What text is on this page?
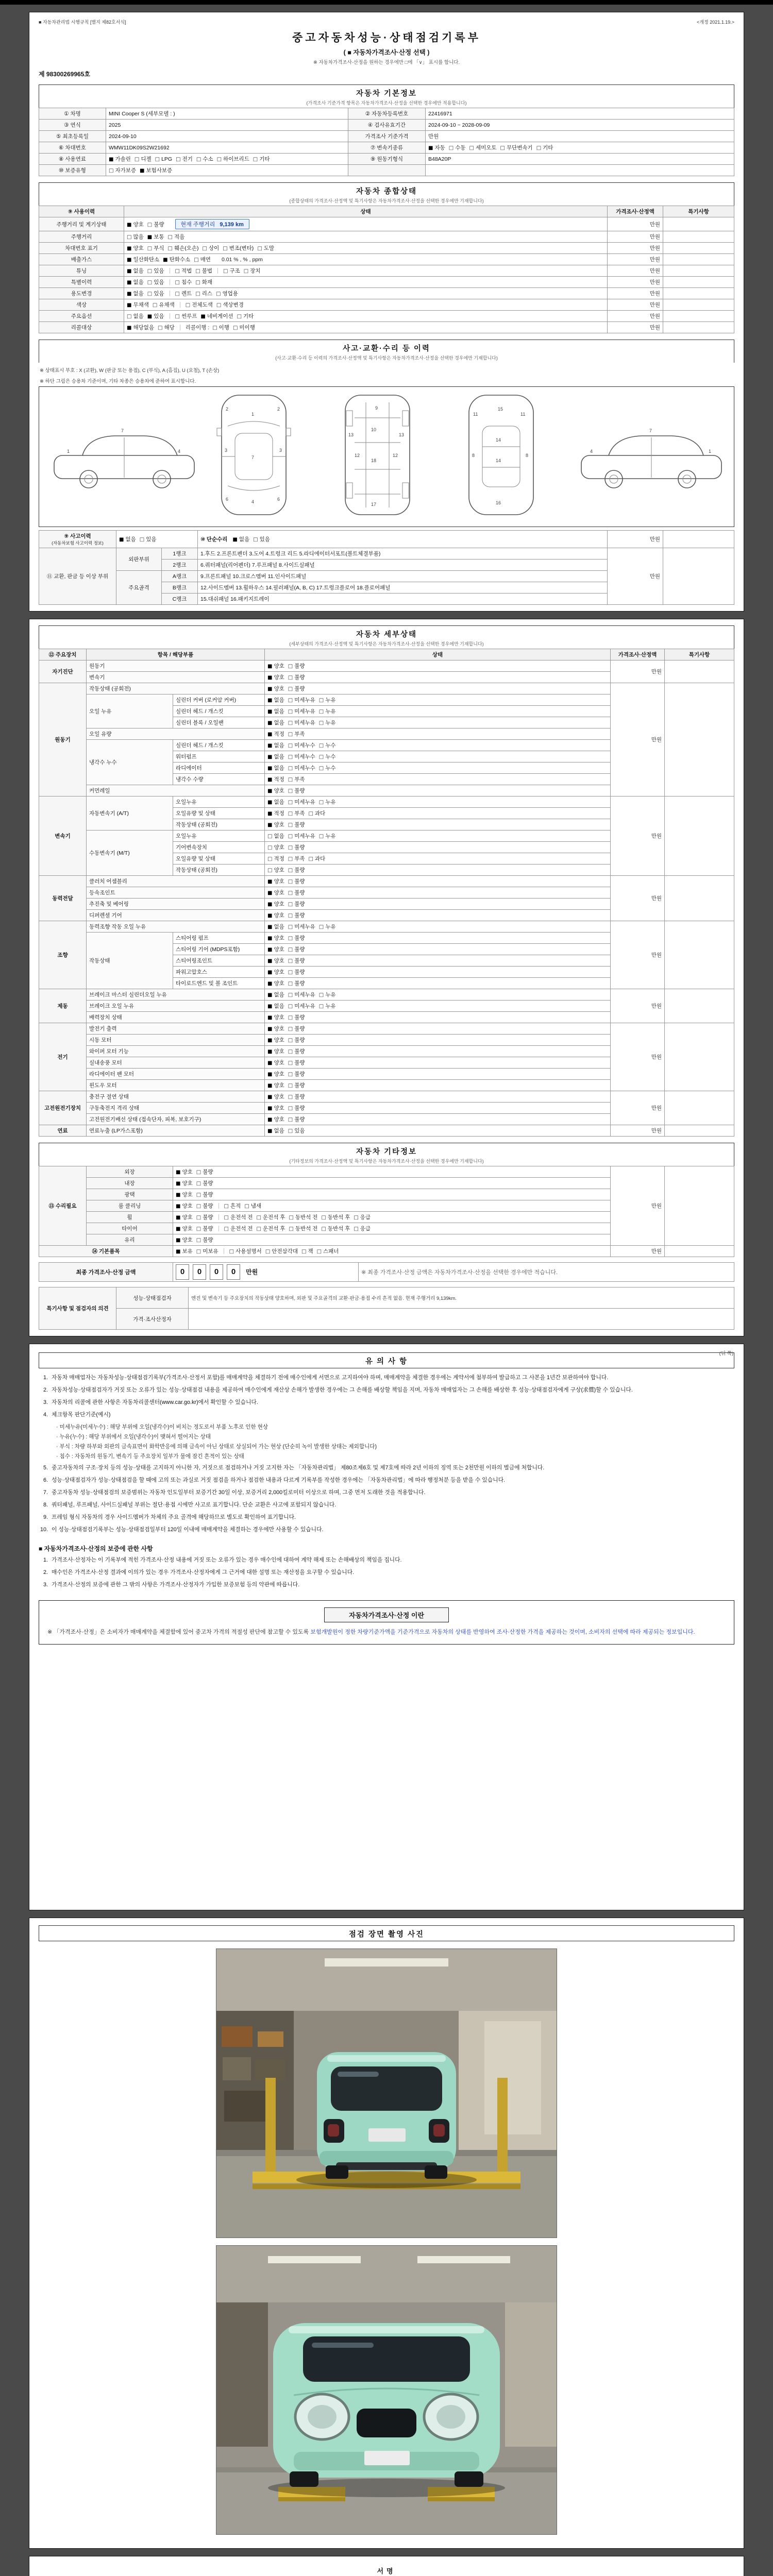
■ 자동차관리법 시행규칙 [별지 제82호서식]	<개정 2021.1.19.>
중고자동차성능·상태점검기록부
( ■ 자동차가격조사·산정 선택 )
※ 자동차가격조사·산정을 원하는 경우에만 □에 「∨」 표시를 합니다.
제 98300269965호
자동차 기본정보
(가격조사 기준가격 항목은 자동차가격조사·산정을 선택한 경우에만 적용합니다)
① 차명	MINI Cooper S (세부모델 : )	② 자동차등록번호	22416971
③ 연식	2025	④ 검사유효기간	2024-09-10 ~ 2028-09-09
⑤ 최초등록일	2024-09-10	가격조사 기준가격	만원
⑥ 차대번호	WMW11DK09S2W21692	⑦ 변속기종류	■ 자동 □ 수동 □ 세미오토 □ 무단변속기 □ 기타
⑧ 사용연료	■ 가솔린 □ 디젤 □ LPG □ 전기 □ 수소 □ 하이브리드 □ 기타	⑨ 원동기형식	B48A20P
⑩ 보증유형	□ 자가보증 ■ 보험사보증		
자동차 종합상태
(종합상태의 가격조사·산정액 및 특기사항은 자동차가격조사·산정을 선택한 경우에만 기재합니다)
⑨ 사용이력	상태	가격조사·산정액	특기사항
주행거리 및 계기상태	■ 양호 □ 불량 현재 주행거리 9,139 km	만원	

주행거리	□ 많음 ■ 보통 □ 적음	만원	

차대번호 표기	■ 양호 □ 부식 □ 훼손(오손) □ 상이 □ 변조(변타) □ 도말	만원	

배출가스	■ 일산화탄소 ■ 탄화수소 □ 매연 0.01 % , % , ppm	만원	

튜닝	■ 없음 □ 있음 □ 적법 □ 불법 □ 구조 □ 장치	만원	

특별이력	■ 없음 □ 있음 □ 침수 □ 화재	만원	

용도변경	■ 없음 □ 있음 □ 렌트 □ 리스 □ 영업용	만원	

색상	■ 무채색 □ 유채색 □ 전체도색 □ 색상변경	만원	

주요옵션	□ 없음 ■ 있음 □ 썬루프 ■ 네비게이션 □ 기타	만원	

리콜대상	■ 해당없음 □ 해당 리콜이행 : □ 이행 □ 미이행	만원	

사고·교환·수리 등 이력
(사고·교환·수리 등 이력의 가격조사·산정액 및 특기사항은 자동차가격조사·산정을 선택한 경우에만 기재합니다)
※ 상태표시 부호 : X (교환), W (판금 또는 용접), C (부식), A (흠집), U (요철), T (손상)
※ 하단 그림은 승용차 기준이며, 기타 차종은 승용차에 준하여 표시합니다.
7
1	4
1
7
4
3	3
2	2
6	6
9
10
12	12
18
13	13
17
15
14
14
8	8
16
11	11
7
1
4
⑨ 사고이력
(자동차보험 사고이력 정보)	■ 없음 □ 있음		⑩ 단순수리 ■ 없음 □ 있음	만원	

⑪ 교환, 판금 등 이상 부위	외판부위	1랭크	1.후드 2.프론트펜더 3.도어 4.트렁크 리드 5.라디에이터서포트(볼트체결부품)	만원	

		2랭크	6.쿼터패널(리어펜더) 7.루프패널 8.사이드실패널		
	주요골격	A랭크	9.프론트패널 10.크로스멤버 11.인사이드패널		
		B랭크	12.사이드멤버 13.휠하우스 14.필러패널(A, B, C) 17.트렁크플로어 18.플로어패널		
		C랭크	15.대쉬패널 16.패키지트레이		
자동차 세부상태
(세부상태의 가격조사·산정액 및 특기사항은 자동차가격조사·산정을 선택한 경우에만 기재합니다)
⑫ 주요장치	항목 / 해당부품		상태	가격조사·산정액	특기사항
자기진단	원동기		■ 양호 □ 불량	만원	

	변속기		■ 양호 □ 불량		
원동기	작동상태 (공회전)		■ 양호 □ 불량	만원	

	오일 누유	실린더 커버 (로커암 커버)	■ 없음 □ 미세누유 □ 누유		
		실린더 헤드 / 개스킷	■ 없음 □ 미세누유 □ 누유		
		실린더 블록 / 오일팬	■ 없음 □ 미세누유 □ 누유		
	오일 유량		■ 적정 □ 부족		
	냉각수 누수	실린더 헤드 / 개스킷	■ 없음 □ 미세누수 □ 누수		
		워터펌프	■ 없음 □ 미세누수 □ 누수		
		라디에이터	■ 없음 □ 미세누수 □ 누수		
		냉각수 수량	■ 적정 □ 부족		
	커먼레일		■ 양호 □ 불량		
변속기	자동변속기 (A/T)	오일누유	■ 없음 □ 미세누유 □ 누유	만원	

		오일유량 및 상태	■ 적정 □ 부족 □ 과다		
		작동상태 (공회전)	■ 양호 □ 불량		
	수동변속기 (M/T)	오일누유	□ 없음 □ 미세누유 □ 누유		
		기어변속장치	□ 양호 □ 불량		
		오일유량 및 상태	□ 적정 □ 부족 □ 과다		
		작동상태 (공회전)	□ 양호 □ 불량		
동력전달	클러치 어셈블리		■ 양호 □ 불량	만원	

	등속조인트		■ 양호 □ 불량		
	추진축 및 베어링		■ 양호 □ 불량		
	디퍼렌셜 기어		■ 양호 □ 불량		
조향	동력조향 작동 오일 누유		■ 없음 □ 미세누유 □ 누유	만원	

	작동상태	스티어링 펌프	■ 양호 □ 불량		
		스티어링 기어 (MDPS포함)	■ 양호 □ 불량		
		스티어링조인트	■ 양호 □ 불량		
		파워고압호스	■ 양호 □ 불량		
		타이로드엔드 및 볼 조인트	■ 양호 □ 불량		
제동	브레이크 마스터 실린더오일 누유		■ 없음 □ 미세누유 □ 누유	만원	

	브레이크 오일 누유		■ 없음 □ 미세누유 □ 누유		
	배력장치 상태		■ 양호 □ 불량		
전기	발전기 출력		■ 양호 □ 불량	만원	

	시동 모터		■ 양호 □ 불량		
	와이퍼 모터 기능		■ 양호 □ 불량		
	실내송풍 모터		■ 양호 □ 불량		
	라디에이터 팬 모터		■ 양호 □ 불량		
	윈도우 모터		■ 양호 □ 불량		
고전원전기장치	충전구 절연 상태		■ 양호 □ 불량	만원	

	구동축전지 격리 상태		■ 양호 □ 불량		
	고전원전기배선 상태 (접속단자, 피복, 보호기구)		■ 양호 □ 불량		
연료	연료누출 (LP가스포함)		■ 없음 □ 있음	만원	

자동차 기타정보
(기타정보의 가격조사·산정액 및 특기사항은 자동차가격조사·산정을 선택한 경우에만 기재합니다)
⑬ 수리필요	외장	■ 양호 □ 불량	만원	

	내장	■ 양호 □ 불량		
	광택	■ 양호 □ 불량		
	룸 클리닝	■ 양호 □ 불량 □ 흔적 □ 냄새		
	휠	■ 양호 □ 불량 □ 운전석 전 □ 운전석 후 □ 동반석 전 □ 동반석 후 □ 응급		
	타이어	■ 양호 □ 불량 □ 운전석 전 □ 운전석 후 □ 동반석 전 □ 동반석 후 □ 응급		
	유리	■ 양호 □ 불량		
⑭ 기본품목		■ 보유 □ 미보유 □ 사용설명서 □ 안전삼각대 □ 잭 □ 스패너	만원	

최종 가격조사·산정 금액	0 0 0 0 만원	※ 최종 가격조사·산정 금액은 자동차가격조사·산정을 선택한 경우에만 적습니다.
특기사항 및 점검자의 의견	성능·상태점검자	엔진 및 변속기 등 주요장치의 작동상태 양호하며, 외판 및 주요골격의 교환·판금·용접 수리 흔적 없음. 현재 주행거리 9,139km.
	가격·조사산정자	
(뒤 쪽)
유 의 사 항
1. 자동차 매매업자는 자동차성능·상태점검기록부(가격조사·산정서 포함)를 매매계약을 체결하기 전에 매수인에게 서면으로 고지하여야 하며, 매매계약을 체결한 경우에는 계약서에 첨부하여 발급하고 그 사본을 1년간 보관하여야 합니다.
2. 자동차성능·상태점검자가 거짓 또는 오류가 있는 성능·상태점검 내용을 제공하여 매수인에게 재산상 손해가 발생한 경우에는 그 손해를 배상할 책임을 지며, 자동차 매매업자는 그 손해를 배상한 후 성능·상태점검자에게 구상(求償)할 수 있습니다.
3. 자동차의 리콜에 관한 사항은 자동차리콜센터(www.car.go.kr)에서 확인할 수 있습니다.
4. 체크항목 판단기준(예시)
· 미세누유(미세누수) : 해당 부위에 오일(냉각수)이 비치는 정도로서 부품 노후로 인한 현상
· 누유(누수) : 해당 부위에서 오일(냉각수)이 맺혀서 떨어지는 상태
· 부식 : 차량 하부와 외판의 금속표면이 화학반응에 의해 금속이 아닌 상태로 상실되어 가는 현상 (단순히 녹이 발생한 상태는 제외합니다)
· 침수 : 자동차의 원동기, 변속기 등 주요장치 일부가 물에 잠긴 흔적이 있는 상태
5. 중고자동차의 구조·장치 등의 성능·상태를 고지하지 아니한 자, 거짓으로 점검하거나 거짓 고지한 자는 「자동차관리법」 제80조제6호 및 제7호에 따라 2년 이하의 징역 또는 2천만원 이하의 벌금에 처합니다.
6. 성능·상태점검자가 성능·상태점검을 할 때에 고의 또는 과실로 거짓 점검을 하거나 점검한 내용과 다르게 기록부를 작성한 경우에는 「자동차관리법」에 따라 행정처분 등을 받을 수 있습니다.
7. 중고자동차 성능·상태점검의 보증범위는 자동차 인도일부터 보증기간 30일 이상, 보증거리 2,000킬로미터 이상으로 하며, 그중 먼저 도래한 것을 적용합니다.
8. 쿼터패널, 루프패널, 사이드실패널 부위는 절단·용접 시에만 사고로 표기합니다. 단순 교환은 사고에 포함되지 않습니다.
9. 프레임 형식 자동차의 경우 사이드멤버가 차체의 주요 골격에 해당하므로 별도로 확인하여 표기합니다.
10. 이 성능·상태점검기록부는 성능·상태점검일부터 120일 이내에 매매계약을 체결하는 경우에만 사용할 수 있습니다.
■ 자동차가격조사·산정의 보증에 관한 사항
1. 가격조사·산정자는 이 기록부에 적힌 가격조사·산정 내용에 거짓 또는 오류가 있는 경우 매수인에 대하여 계약 해제 또는 손해배상의 책임을 집니다.
2. 매수인은 가격조사·산정 결과에 이의가 있는 경우 가격조사·산정자에게 그 근거에 대한 설명 또는 재산정을 요구할 수 있습니다.
3. 가격조사·산정의 보증에 관한 그 밖의 사항은 가격조사·산정자가 가입한 보증보험 등의 약관에 따릅니다.
자동차가격조사·산정 이란
※ 「가격조사·산정」은 소비자가 매매계약을 체결함에 있어 중고차 가격의 적절성 판단에 참고할 수 있도록 보험개발원이 정한 차량기준가액을 기준가격으로 자동차의 상태를 반영하여 조사·산정한 가격을 제공하는 것이며, 소비자의 선택에 따라 제공되는 정보입니다.
점검 장면 촬영 사진
서명
